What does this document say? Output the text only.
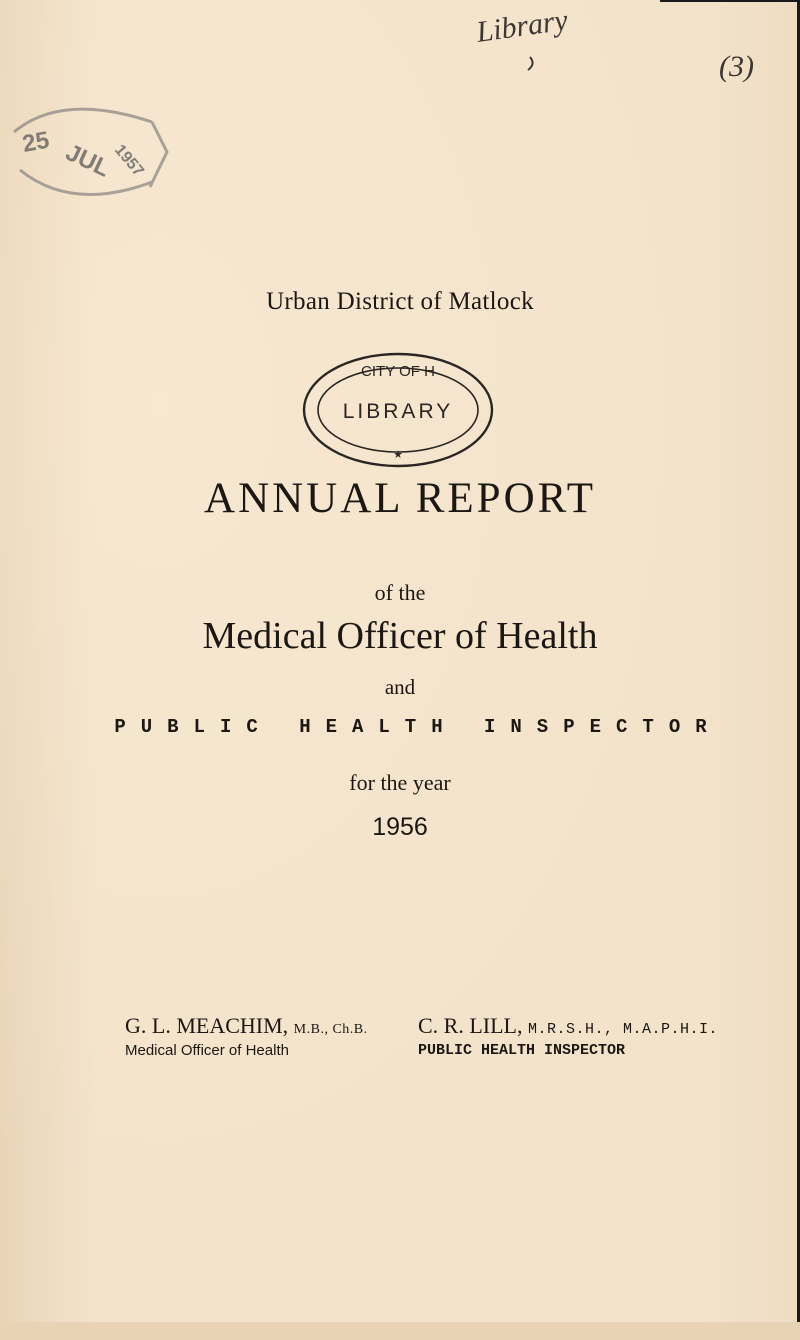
25 JUL
1957
Library
(3)
Urban District of Matlock
CITY OF H
LIBRARY
★
ANNUAL REPORT
of the
Medical Officer of Health
and
PUBLIC HEALTH INSPECTOR
for the year
1956
G. L. MEACHIM, M.B., Ch.B.
Medical Officer of Health
C. R. LILL, M.R.S.H., M.A.P.H.I.
PUBLIC HEALTH INSPECTOR
